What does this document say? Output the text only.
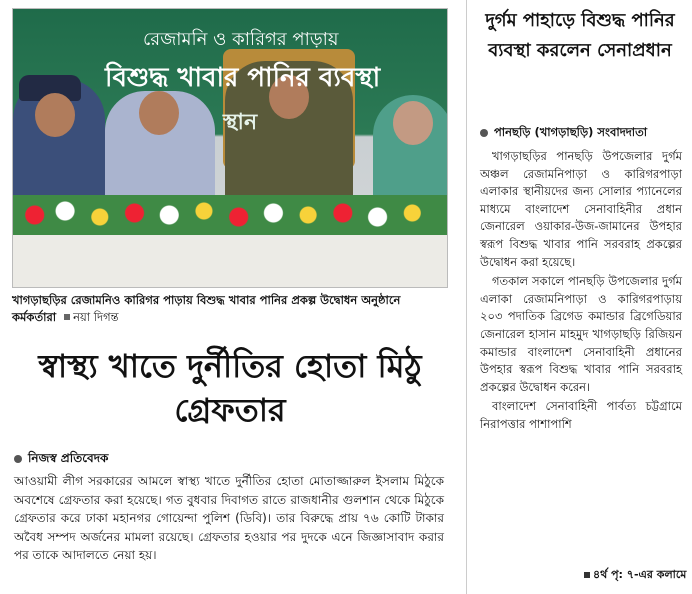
রেজামনি ও কারিগর পাড়ায়
বিশুদ্ধ খাবার পানির ব্যবস্থা
স্থান
খাগড়াছড়ির রেজামনিও কারিগর পাড়ায় বিশুদ্ধ খাবার পানির প্রকল্প উদ্বোধন অনুষ্ঠানে কর্মকর্তারা নয়া দিগন্ত
স্বাস্থ্য খাতে দুর্নীতির হোতা মিঠু গ্রেফতার
নিজস্ব প্রতিবেদক
আওয়ামী লীগ সরকারের আমলে স্বাস্থ্য খাতে দুর্নীতির হোতা মোতাজ্জারুল ইসলাম মিঠুকে অবশেষে গ্রেফতার করা হয়েছে। গত বুধবার দিবাগত রাতে রাজধানীর গুলশান থেকে মিঠুকে গ্রেফতার করে ঢাকা মহানগর গোয়েন্দা পুলিশ (ডিবি)। তার বিরুদ্ধে প্রায় ৭৬ কোটি টাকার অবৈধ সম্পদ অর্জনের মামলা রয়েছে। গ্রেফতার হওয়ার পর দুদকে এনে জিজ্ঞাসাবাদ করার পর তাকে আদালতে নেয়া হয়।
দুর্গম পাহাড়ে বিশুদ্ধ পানির ব্যবস্থা করলেন সেনাপ্রধান
পানছড়ি (খাগড়াছড়ি) সংবাদদাতা

খাগড়াছড়ির পানছড়ি উপজেলার দুর্গম অঞ্চল রেজামনিপাড়া ও কারিগরপাড়া এলাকার স্থানীয়দের জন্য সোলার প্যানেলের মাধ্যমে বাংলাদেশ সেনাবাহিনীর প্রধান জেনারেল ওয়াকার-উজ-জামানের উপহার স্বরূপ বিশুদ্ধ খাবার পানি সরবরাহ প্রকল্পের উদ্বোধন করা হয়েছে।

গতকাল সকালে পানছড়ি উপজেলার দুর্গম এলাকা রেজামনিপাড়া ও কারিগরপাড়ায় ২০৩ পদাতিক ব্রিগেড কমান্ডার ব্রিগেডিয়ার জেনারেল হাসান মাহমুদ খাগড়াছড়ি রিজিয়ন কমান্ডার বাংলাদেশ সেনাবাহিনী প্রধানের উপহার স্বরূপ বিশুদ্ধ খাবার পানি সরবরাহ প্রকল্পের উদ্বোধন করেন।

বাংলাদেশ সেনাবাহিনী পার্বত্য চট্টগ্রামে নিরাপত্তার পাশাপাশি

৪র্থ পৃ: ৭-এর কলামে
